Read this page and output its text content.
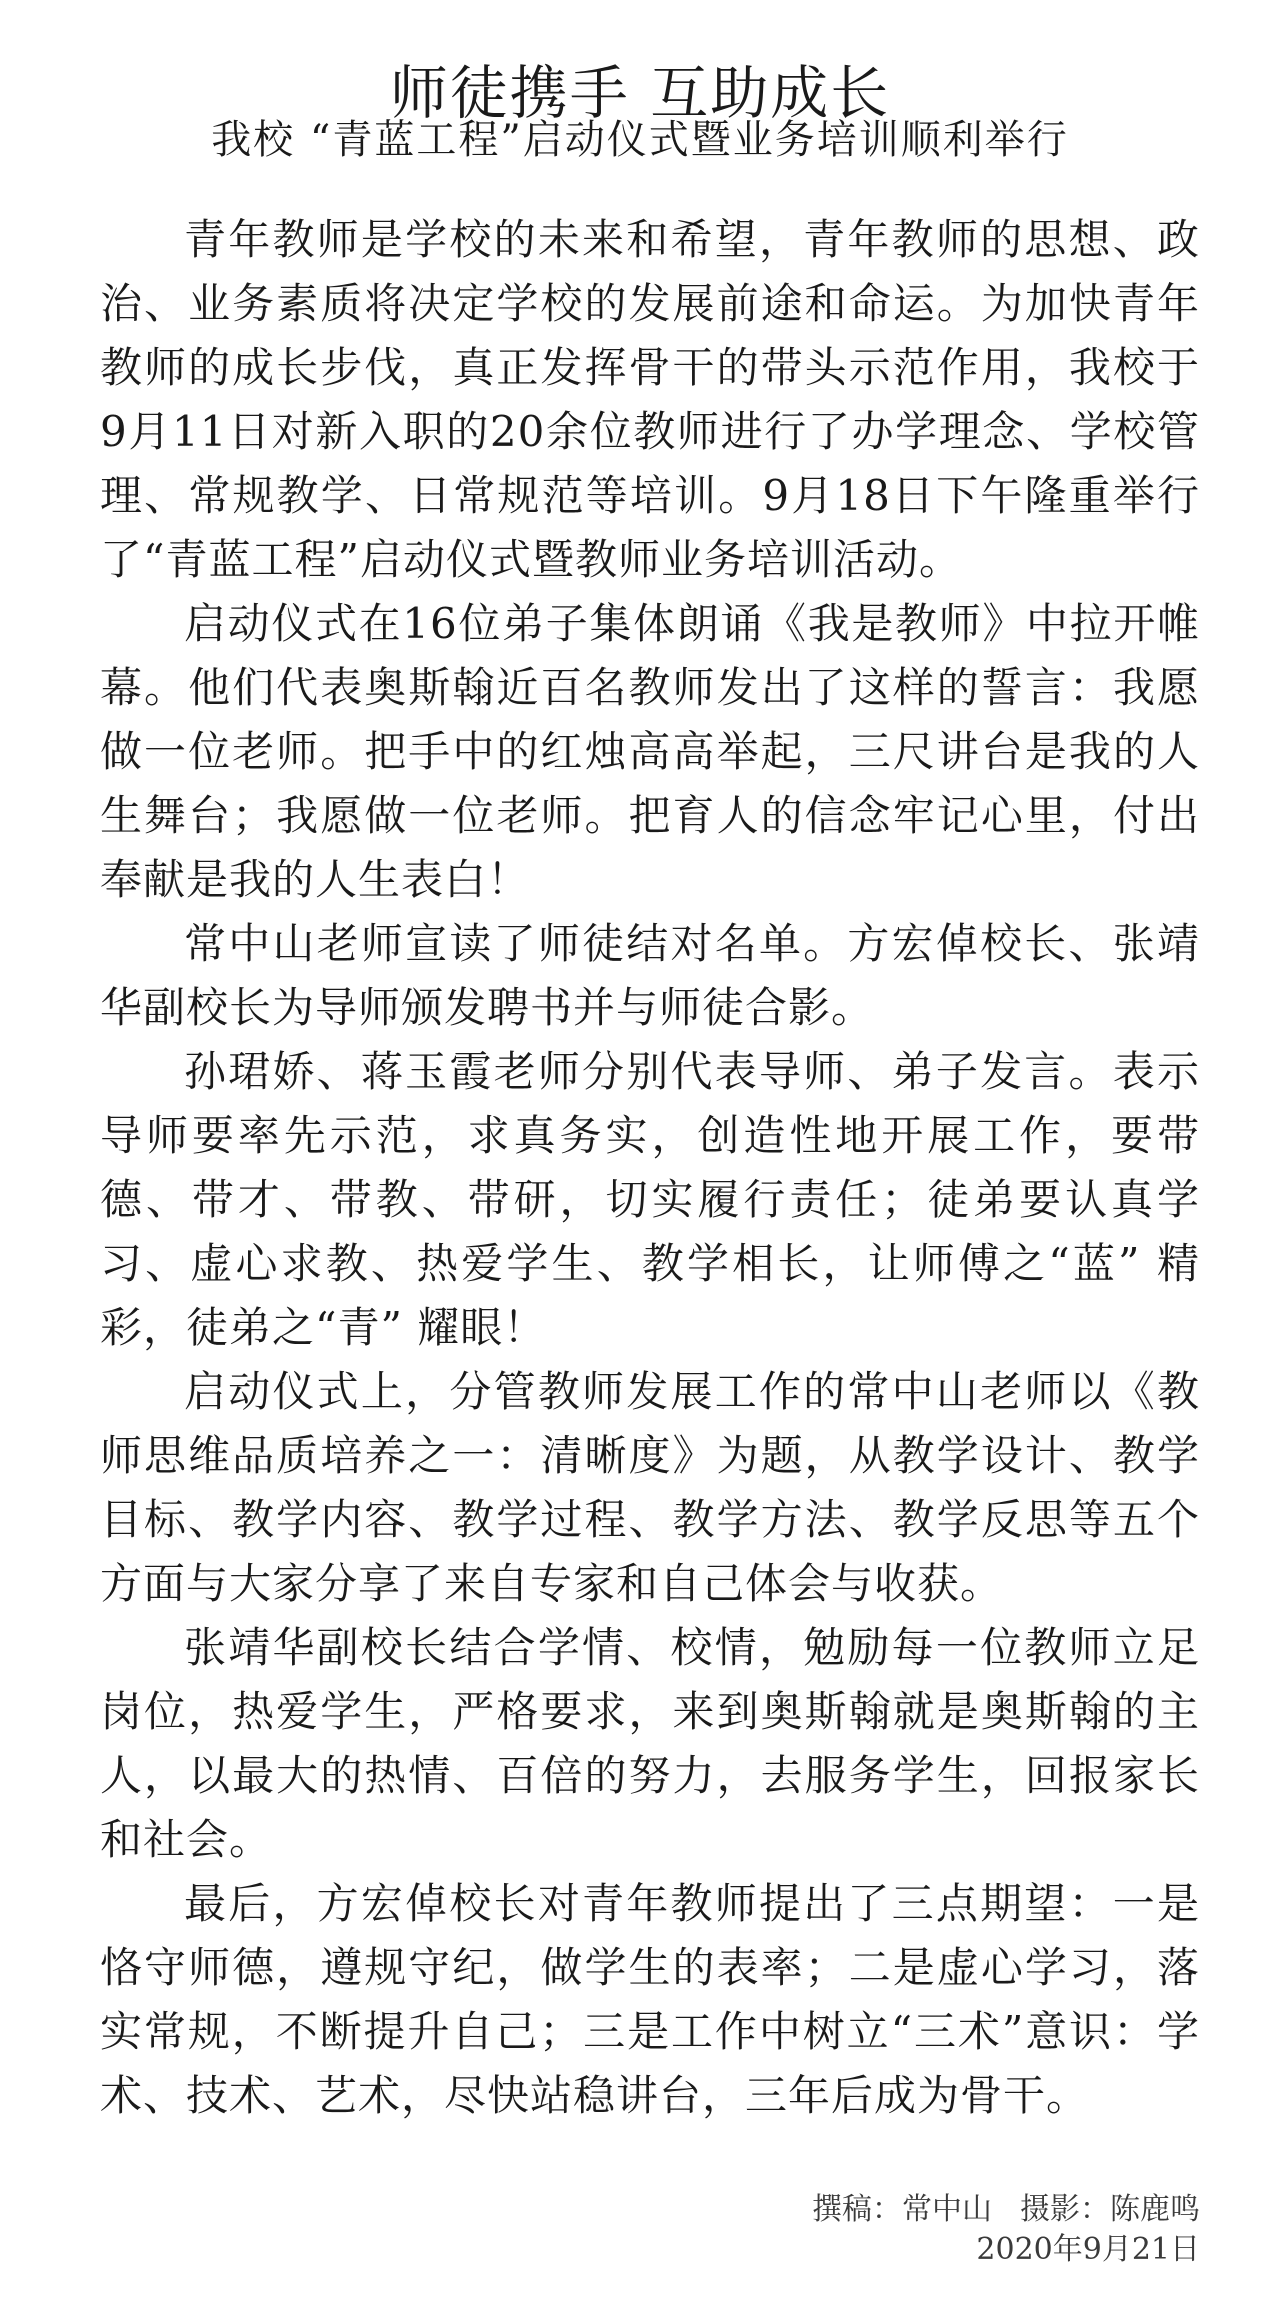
师徒携手 互助成长
我校 “青蓝工程”启动仪式暨业务培训顺利举行

青年教师是学校的未来和希望，青年教师的思想、政治、业务素质将决定学校的发展前途和命运。为加快青年教师的成长步伐，真正发挥骨干的带头示范作用，我校于9月11日对新入职的20余位教师进行了办学理念、学校管理、常规教学、日常规范等培训。9月18日下午隆重举行了“青蓝工程”启动仪式暨教师业务培训活动。

启动仪式在16位弟子集体朗诵《我是教师》中拉开帷幕。他们代表奥斯翰近百名教师发出了这样的誓言：我愿做一位老师。把手中的红烛高高举起，三尺讲台是我的人生舞台；我愿做一位老师。把育人的信念牢记心里，付出奉献是我的人生表白！

常中山老师宣读了师徒结对名单。方宏倬校长、张靖华副校长为导师颁发聘书并与师徒合影。

孙珺娇、蒋玉霞老师分别代表导师、弟子发言。表示导师要率先示范，求真务实，创造性地开展工作，要带德、带才、带教、带研，切实履行责任；徒弟要认真学习、虚心求教、热爱学生、教学相长，让师傅之“蓝” 精彩，徒弟之“青” 耀眼！

启动仪式上，分管教师发展工作的常中山老师以《教师思维品质培养之一：清晰度》为题，从教学设计、教学目标、教学内容、教学过程、教学方法、教学反思等五个方面与大家分享了来自专家和自己体会与收获。

张靖华副校长结合学情、校情，勉励每一位教师立足岗位，热爱学生，严格要求，来到奥斯翰就是奥斯翰的主人，以最大的热情、百倍的努力，去服务学生，回报家长和社会。

最后，方宏倬校长对青年教师提出了三点期望：一是恪守师德，遵规守纪，做学生的表率；二是虚心学习，落实常规，不断提升自己；三是工作中树立“三术”意识：学术、技术、艺术，尽快站稳讲台，三年后成为骨干。

撰稿：常中山 摄影：陈鹿鸣
2020年9月21日
